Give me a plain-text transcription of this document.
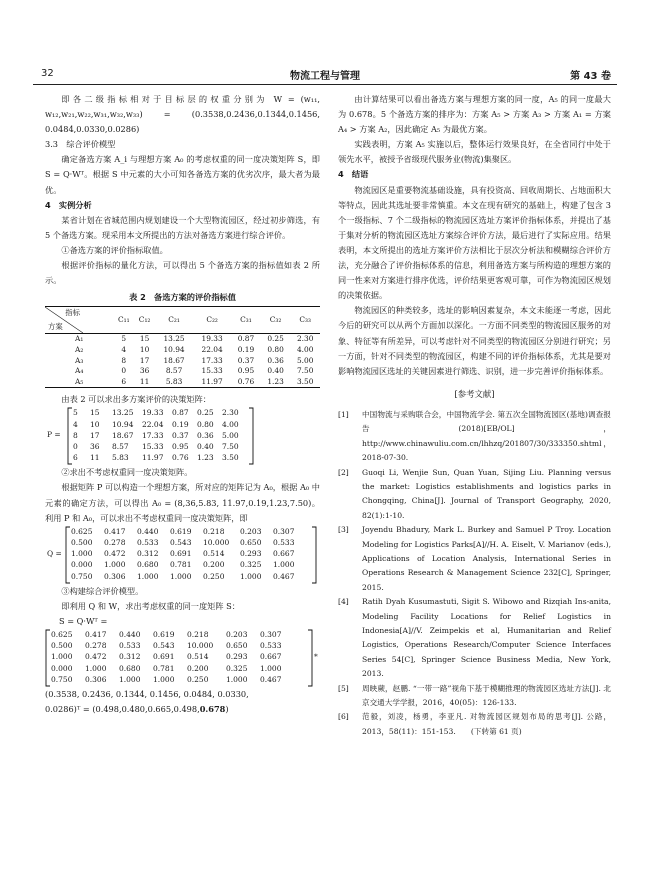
32	物流工程与管理	第 43 卷

即各二级指标相对于目标层的权重分别为 W = (w₁₁, w₁₂,w₂₁,w₂₂,w₃₁,w₃₂,w₃₃) = (0.3538,0.2436,0.1344,0.1456, 0.0484,0.0330,0.0286)

3.3　综合评价模型

确定备选方案 A_i 与理想方案 A₀ 的考虑权重的同一度决策矩阵 S，即 S = Q·Wᵀ。根据 S 中元素的大小可知各备选方案的优劣次序，最大者为最优。

4　实例分析

某省计划在省城范围内规划建设一个大型物流园区，经过初步筛选，有 5 个备选方案。现采用本文所提出的方法对备选方案进行综合评价。

①备选方案的评价指标取值。

根据评价指标的量化方法，可以得出 5 个备选方案的指标值如表 2 所示。

表 2　备选方案的评价指标值
指标
方案	C₁₁	C₁₂	C₂₁	C₂₂	C₃₁	C₃₂	C₃₃
A₁	5	15	13.25	19.33	0.87	0.25	2.30
A₂	4	10	10.94	22.04	0.19	0.80	4.00
A₃	8	17	18.67	17.33	0.37	0.36	5.00
A₄	0	36	8.57	15.33	0.95	0.40	7.50
A₅	6	11	5.83	11.97	0.76	1.23	3.50

由表 2 可以求出多方案评价的决策矩阵：

P =
5	15	13.25	19.33	0.87	0.25	2.30
4	10	10.94	22.04	0.19	0.80	4.00
8	17	18.67	17.33	0.37	0.36	5.00
0	36	8.57	15.33	0.95	0.40	7.50
6	11	5.83	11.97	0.76	1.23	3.50

②求出不考虑权重同一度决策矩阵。

根据矩阵 P 可以构造一个理想方案，所对应的矩阵记为 A₀，根据 A₀ 中元素的确定方法，可以得出 A₀ = (8,36,5.83, 11.97,0.19,1.23,7.50)。利用 P 和 A₀，可以求出不考虑权重同一度决策矩阵，即

Q =
0.625	0.417	0.440	0.619	0.218	0.203	0.307
0.500	0.278	0.533	0.543	10.000	0.650	0.533
1.000	0.472	0.312	0.691	0.514	0.293	0.667
0.000	1.000	0.680	0.781	0.200	0.325	1.000
0.750	0.306	1.000	1.000	0.250	1.000	0.467

③构建综合评价模型。

即利用 Q 和 W，求出考虑权重的同一度矩阵 S：

S = Q·Wᵀ =

0.625	0.417	0.440	0.619	0.218	0.203	0.307
0.500	0.278	0.533	0.543	10.000	0.650	0.533
1.000	0.472	0.312	0.691	0.514	0.293	0.667
0.000	1.000	0.680	0.781	0.200	0.325	1.000
0.750	0.306	1.000	1.000	0.250	1.000	0.467
*

(0.3538, 0.2436, 0.1344, 0.1456, 0.0484, 0.0330,

0.0286)ᵀ = (0.498,0.480,0.665,0.498,0.678)

由计算结果可以看出备选方案与理想方案的同一度，A₅ 的同一度最大为 0.678。5 个备选方案的排序为：方案 A₅ > 方案 A₃ > 方案 A₁ = 方案 A₄ > 方案 A₂，因此确定 A₅ 为最优方案。

实践表明，方案 A₅ 实施以后，整体运行效果良好，在全省同行中处于领先水平，被授予省级现代服务业(物流)集聚区。

4　结语

物流园区是重要物流基础设施，具有投资高、回收周期长、占地面积大等特点，因此其选址要非常慎重。本文在现有研究的基础上，构建了包含 3 个一级指标、7 个二级指标的物流园区选址方案评价指标体系，并提出了基于集对分析的物流园区选址方案综合评价方法，最后进行了实际应用。结果表明，本文所提出的选址方案评价方法相比于层次分析法和模糊综合评价方法，充分融合了评价指标体系的信息，利用备选方案与所构造的理想方案的同一性来对方案进行排序优选，评价结果更客观可靠，可作为物流园区规划的决策依据。

物流园区的种类较多，选址的影响因素复杂，本文未能逐一考虑，因此今后的研究可以从两个方面加以深化。一方面不同类型的物流园区服务的对象、特征等有所差异，可以考虑针对不同类型的物流园区分别进行研究；另一方面，针对不同类型的物流园区，构建不同的评价指标体系，尤其是要对影响物流园区选址的关键因素进行筛选、识别，进一步完善评价指标体系。

[参考文献]
[1]	中国物流与采购联合会，中国物流学会. 第五次全国物流园区(基地)调查报告(2018)[EB/OL]，http://www.chinawuliu.com.cn/lhhzq/201807/30/333350.shtml，2018-07-30.
[2]	Guoqi Li, Wenjie Sun, Quan Yuan, Sijing Liu. Planning versus the market: Logistics establishments and logistics parks in Chongqing, China[J]. Journal of Transport Geography, 2020, 82(1):1-10.
[3]	Joyendu Bhadury, Mark L. Burkey and Samuel P Troy. Location Modeling for Logistics Parks[A]//H. A. Eiselt, V. Marianov (eds.), Applications of Location Analysis, International Series in Operations Research & Management Science 232[C], Springer, 2015.
[4]	Ratih Dyah Kusumastuti, Sigit S. Wibowo and Rizqiah Ins-anita, Modeling Facility Locations for Relief Logistics in Indonesia[A]//V. Zeimpekis et al, Humanitarian and Relief Logistics, Operations Research/Computer Science Interfaces Series 54[C], Springer Science Business Media, New York, 2013.
[5]	周映蕨，赵鹏. “一带一路”视角下基于模糊推理的物流园区选址方法[J]. 北京交通大学学报，2016，40(05)：126-133.
[6]	范毅，刘凌，杨勇，李亚凡. 对物流园区规划布局的思考[J]. 公路，2013，58(11)：151-153.　　(下转第 61 页)
